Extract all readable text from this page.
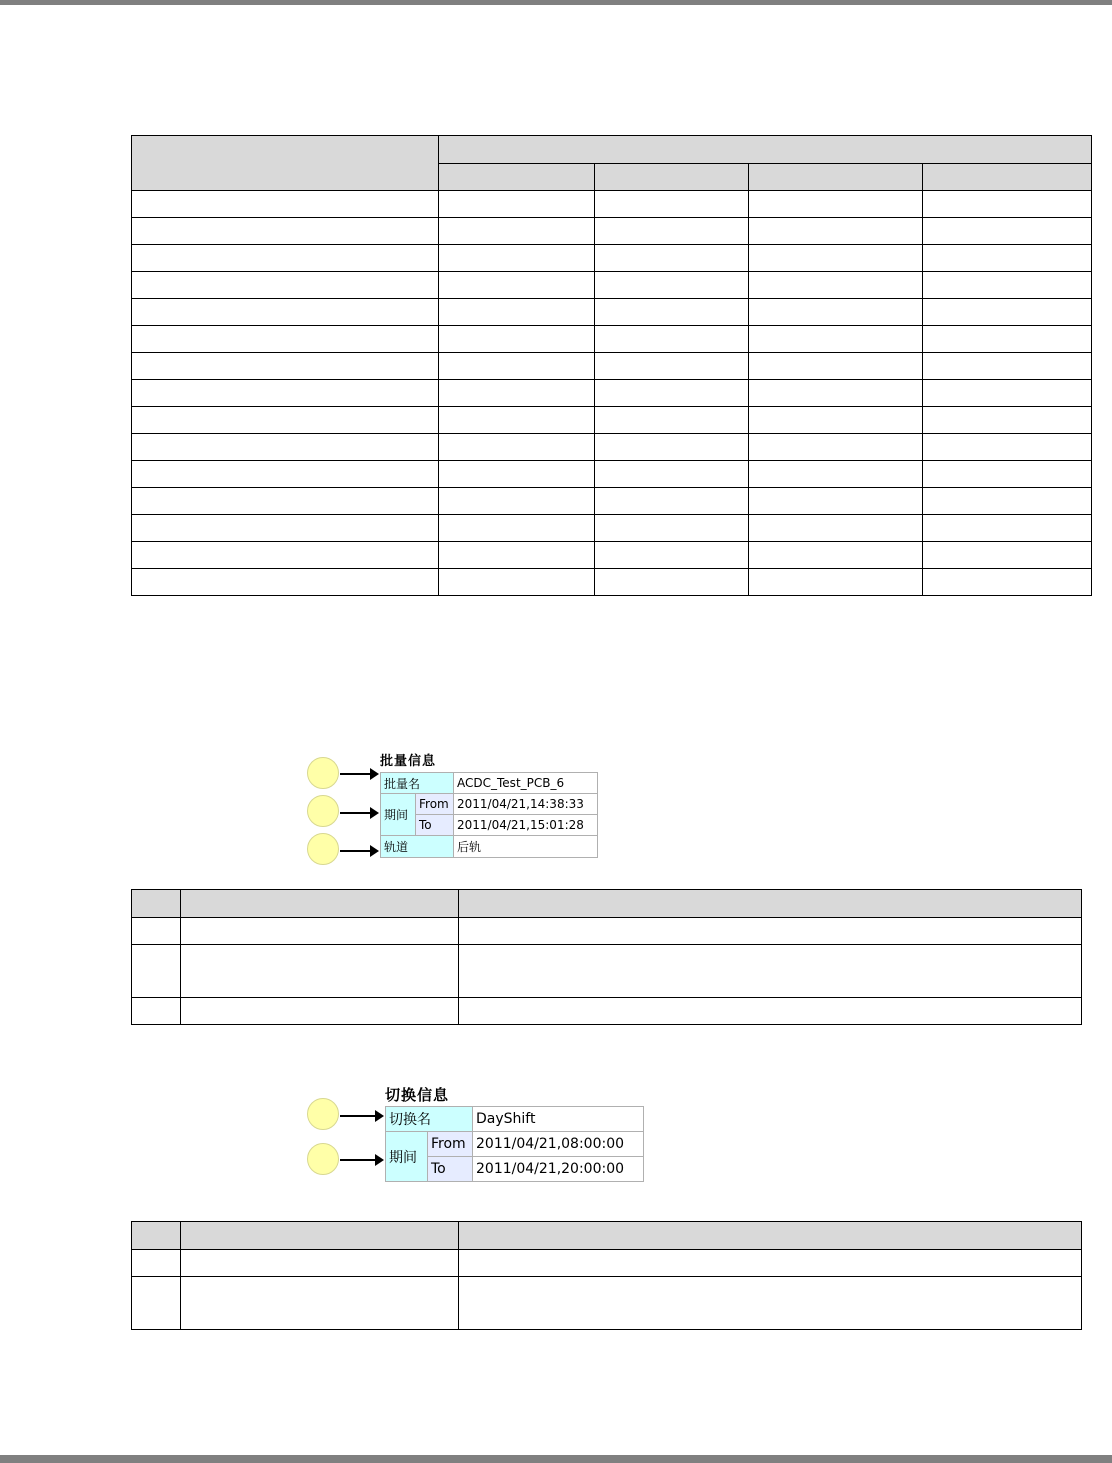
批量信息
批量名		ACDC_Test_PCB_6
期间	From	2011/04/21,14:38:33
	To	2011/04/21,15:01:28
轨道		后轨

切换信息
切换名		DayShift
期间	From	2011/04/21,08:00:00
	To	2011/04/21,20:00:00
